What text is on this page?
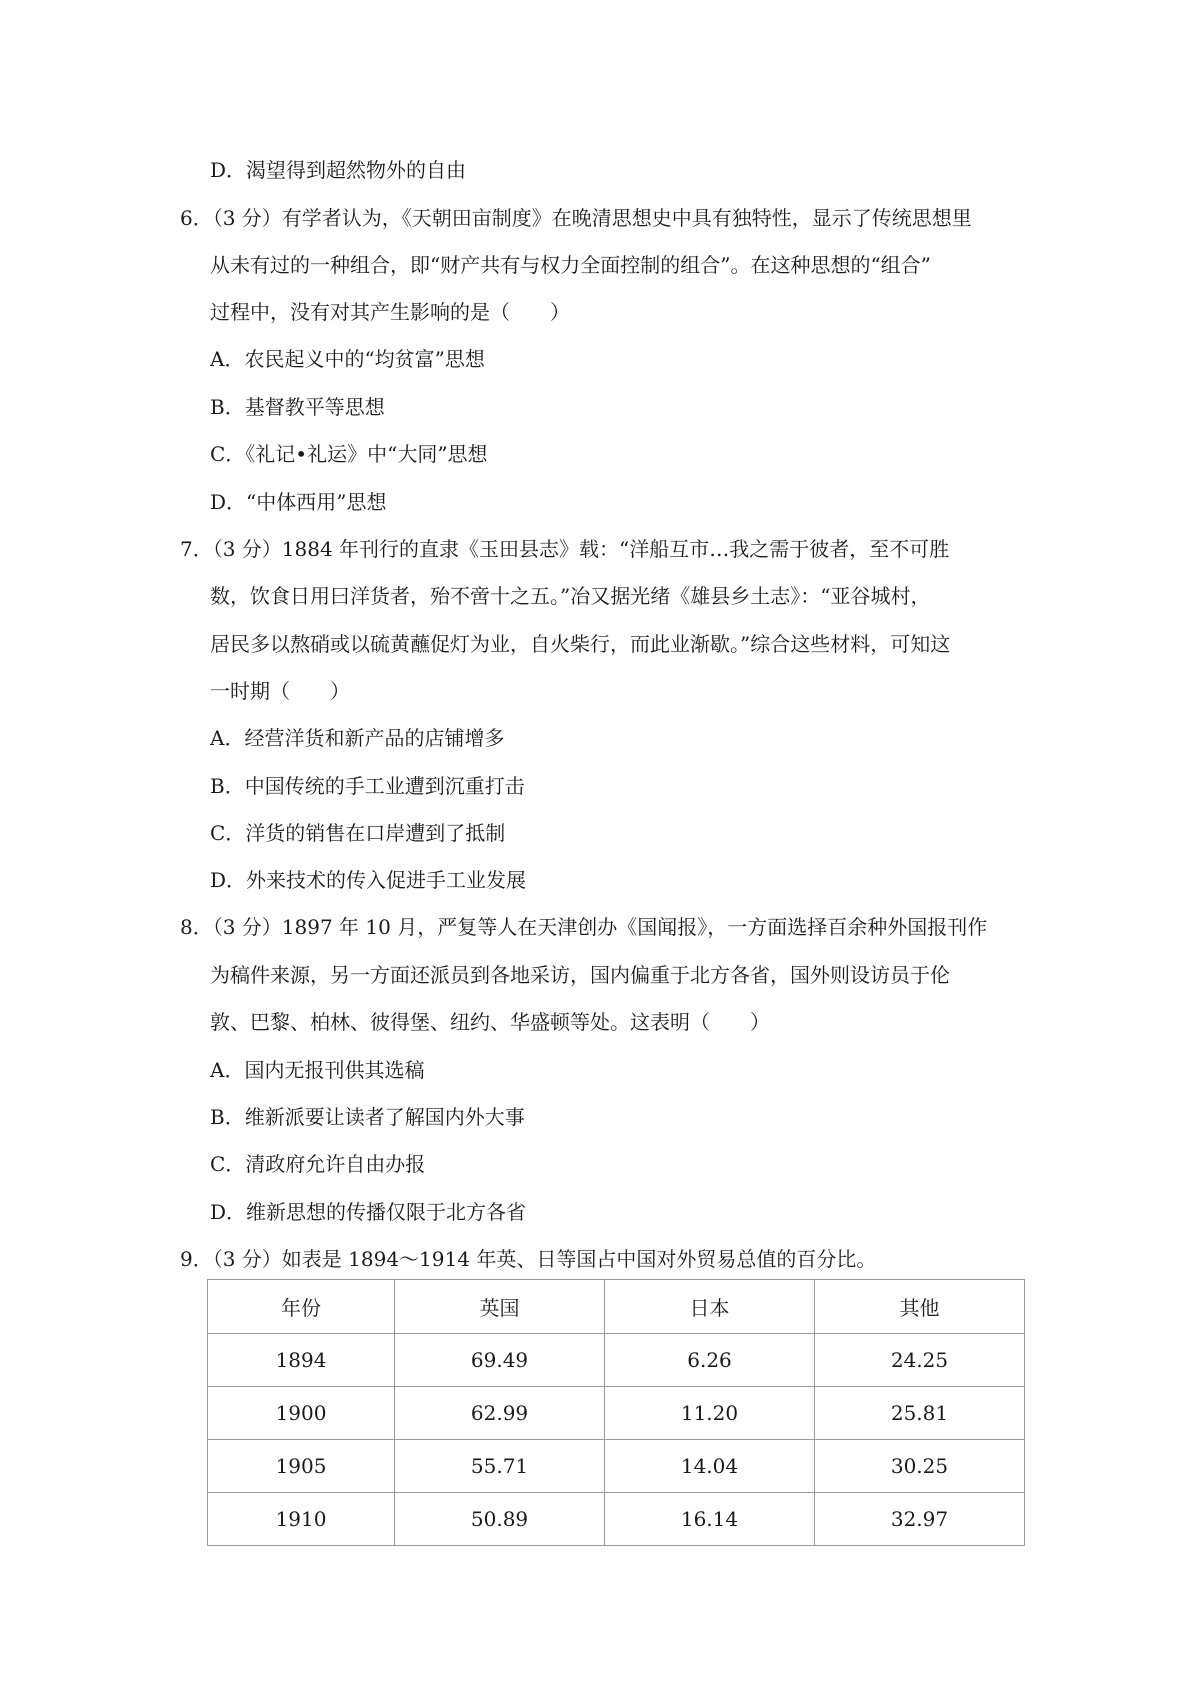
D．渴望得到超然物外的自由
6．（3 分）有学者认为，《天朝田亩制度》在晚清思想史中具有独特性，显示了传统思想里
从未有过的一种组合，即“财产共有与权力全面控制的组合”。在这种思想的“组合”
过程中，没有对其产生影响的是（　　）
A．农民起义中的“均贫富”思想
B．基督教平等思想
C．《礼记•礼运》中“大同”思想
D．“中体西用”思想
7．（3 分）1884 年刊行的直隶《玉田县志》载：“洋船互市…我之需于彼者，至不可胜
数，饮食日用曰洋货者，殆不啻十之五。”冶又据光绪《雄县乡土志》：“亚谷城村，
居民多以熬硝或以硫黄蘸促灯为业，自火柴行，而此业渐歇。”综合这些材料，可知这
一时期（　　）
A．经营洋货和新产品的店铺增多
B．中国传统的手工业遭到沉重打击
C．洋货的销售在口岸遭到了抵制
D．外来技术的传入促进手工业发展
8．（3 分）1897 年 10 月，严复等人在天津创办《国闻报》，一方面选择百余种外国报刊作
为稿件来源，另一方面还派员到各地采访，国内偏重于北方各省，国外则设访员于伦
敦、巴黎、柏林、彼得堡、纽约、华盛顿等处。这表明（　　）
A．国内无报刊供其选稿
B．维新派要让读者了解国内外大事
C．清政府允许自由办报
D．维新思想的传播仅限于北方各省
9．（3 分）如表是 1894～1914 年英、日等国占中国对外贸易总值的百分比。
年份	英国	日本	其他
1894	69.49	6.26	24.25
1900	62.99	11.20	25.81
1905	55.71	14.04	30.25
1910	50.89	16.14	32.97
